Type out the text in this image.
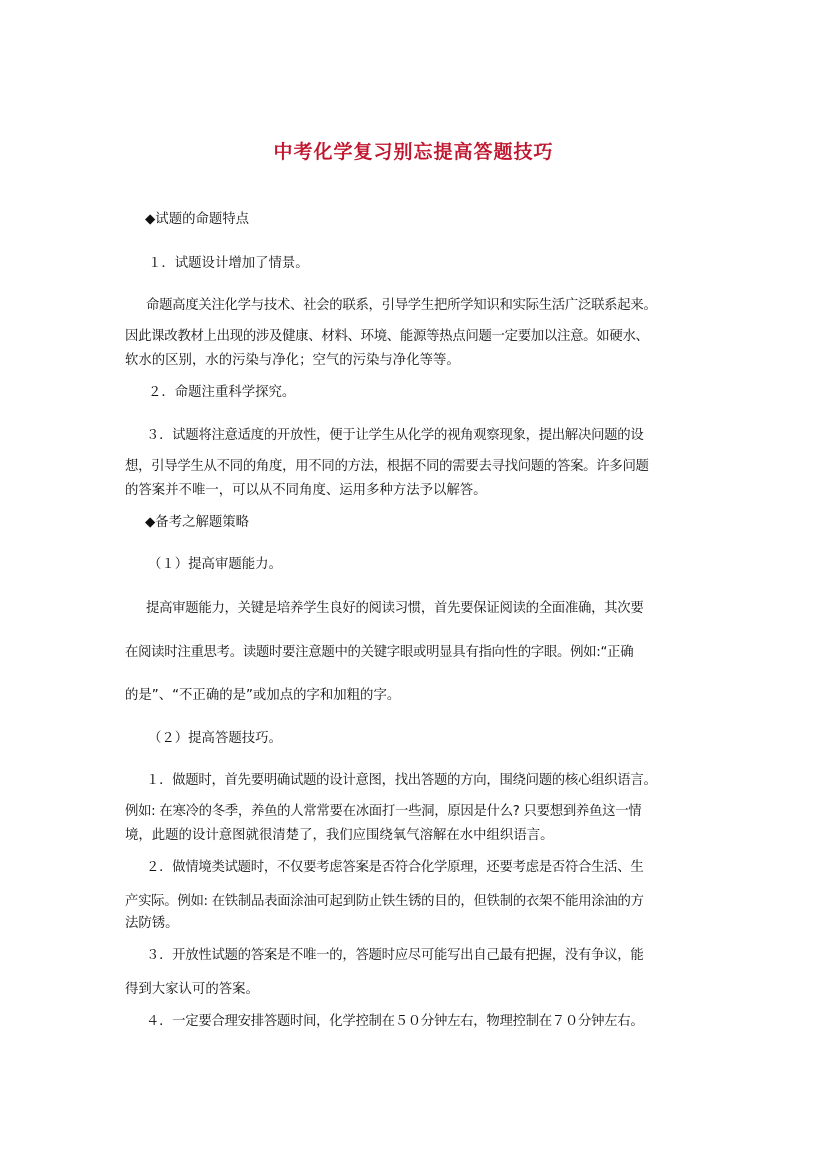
中考化学复习别忘提高答题技巧
◆试题的命题特点
１．试题设计增加了情景。
命题高度关注化学与技术、社会的联系，引导学生把所学知识和实际生活广泛联系起来。
因此课改教材上出现的涉及健康、材料、环境、能源等热点问题一定要加以注意。如硬水、
软水的区别，水的污染与净化；空气的污染与净化等等。
２．命题注重科学探究。
３．试题将注意适度的开放性，便于让学生从化学的视角观察现象，提出解决问题的设
想，引导学生从不同的角度，用不同的方法，根据不同的需要去寻找问题的答案。许多问题
的答案并不唯一，可以从不同角度、运用多种方法予以解答。
◆备考之解题策略
（１）提高审题能力。
提高审题能力，关键是培养学生良好的阅读习惯，首先要保证阅读的全面准确，其次要
在阅读时注重思考。读题时要注意题中的关键字眼或明显具有指向性的字眼。例如:“正确
的是”、“不正确的是”或加点的字和加粗的字。
（２）提高答题技巧。
１．做题时，首先要明确试题的设计意图，找出答题的方向，围绕问题的核心组织语言。
例如: 在寒冷的冬季，养鱼的人常常要在冰面打一些洞，原因是什么? 只要想到养鱼这一情
境，此题的设计意图就很清楚了，我们应围绕氧气溶解在水中组织语言。
２．做情境类试题时，不仅要考虑答案是否符合化学原理，还要考虑是否符合生活、生
产实际。例如: 在铁制品表面涂油可起到防止铁生锈的目的，但铁制的衣架不能用涂油的方
法防锈。
３．开放性试题的答案是不唯一的，答题时应尽可能写出自己最有把握，没有争议，能
得到大家认可的答案。
４．一定要合理安排答题时间，化学控制在５０分钟左右，物理控制在７０分钟左右。
